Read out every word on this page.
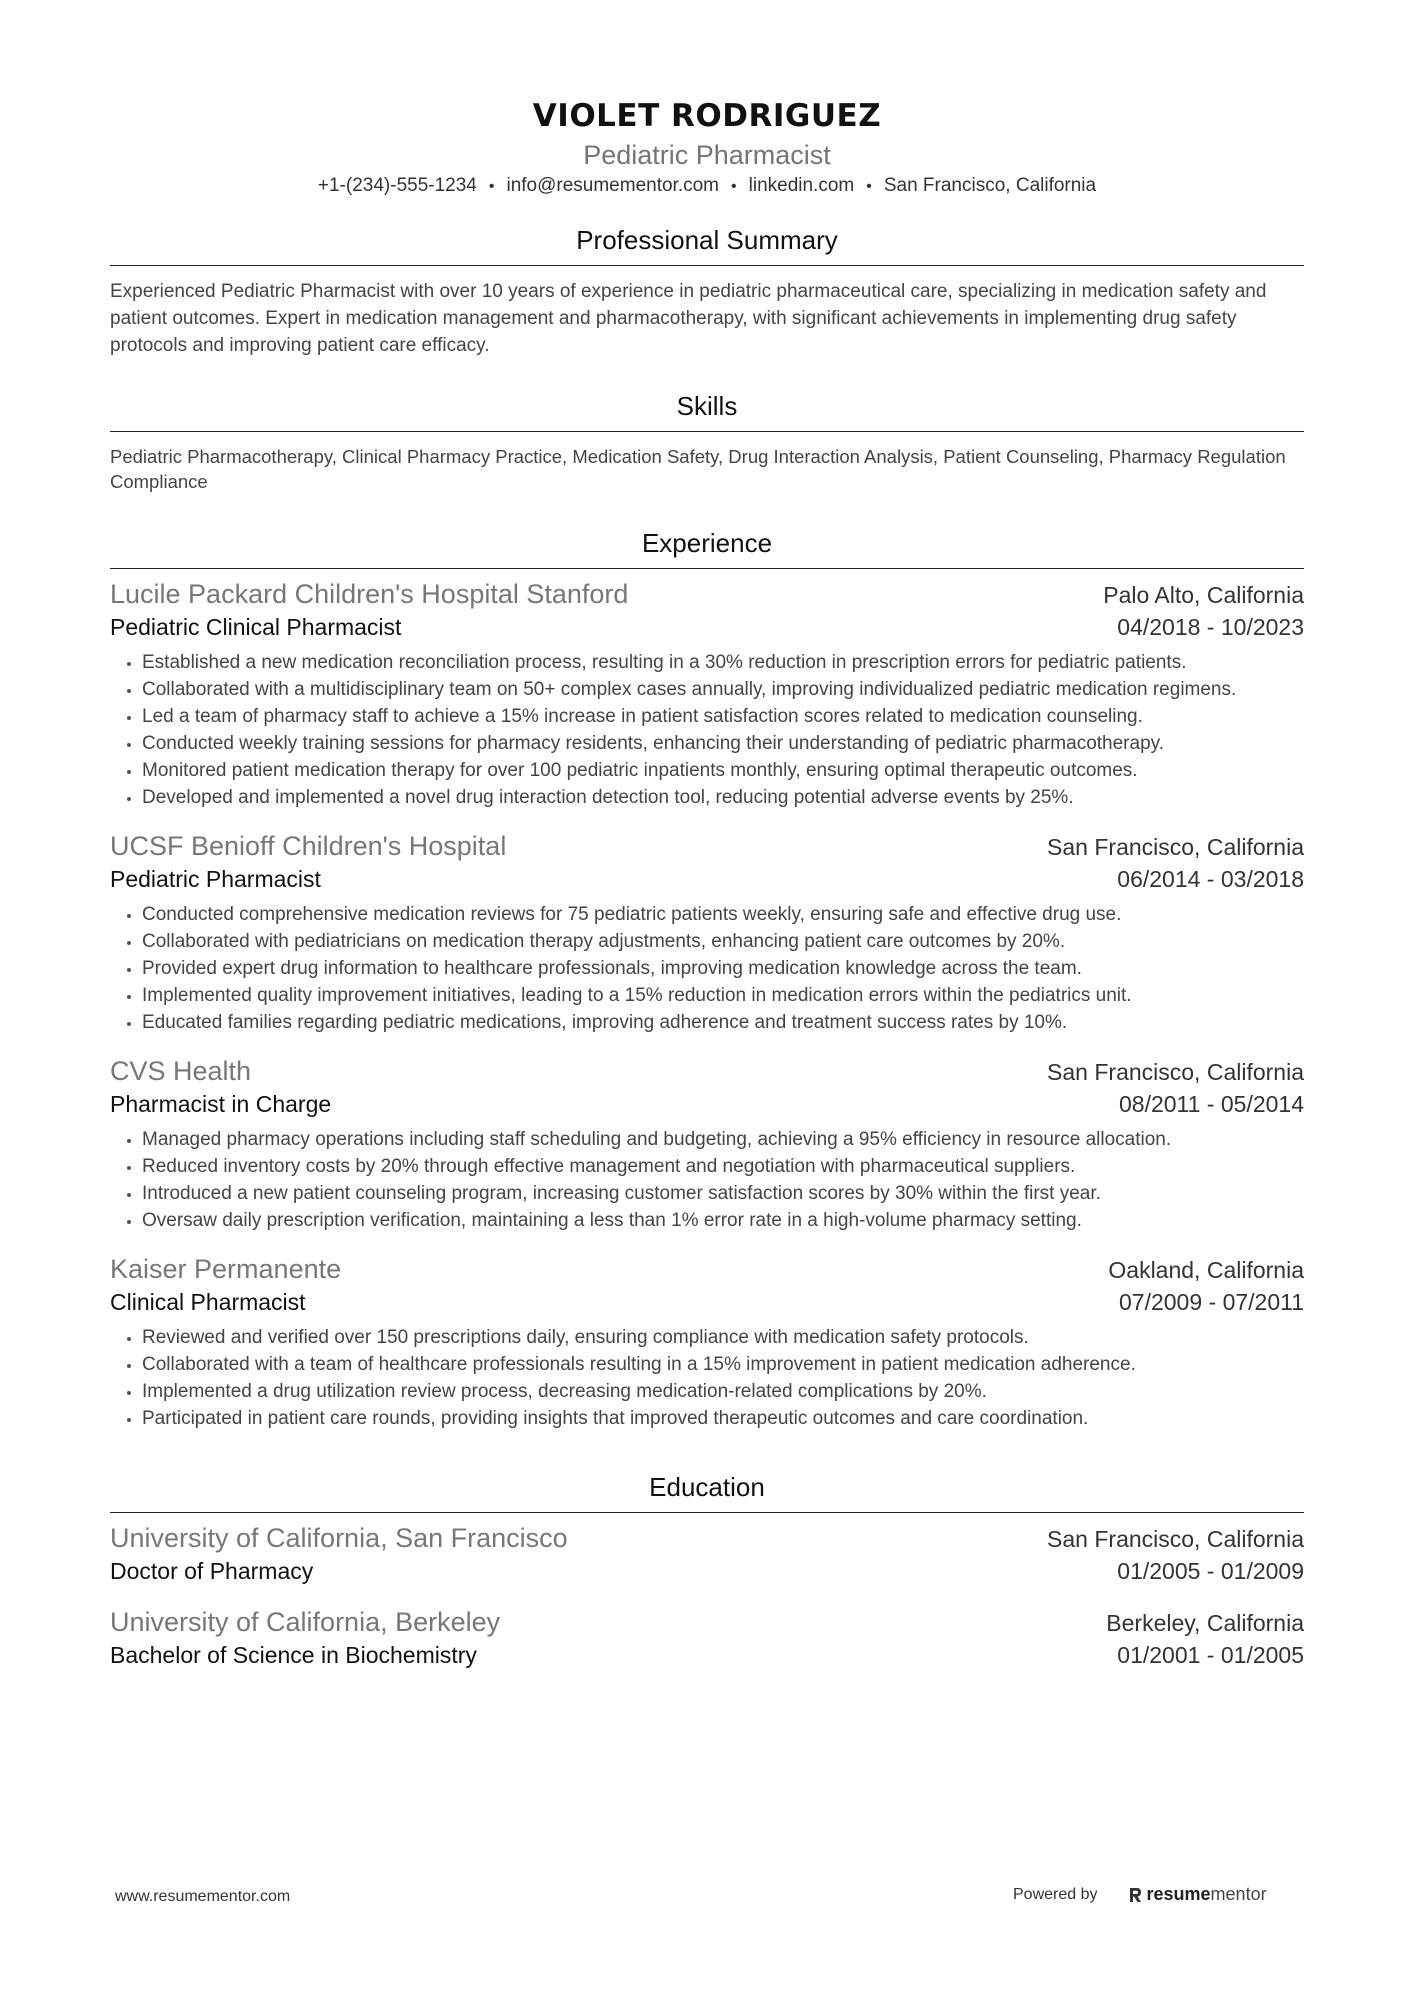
VIOLET RODRIGUEZ
Pediatric Pharmacist
+1-(234)-555-1234 • info@resumementor.com • linkedin.com • San Francisco, California
Professional Summary
Experienced Pediatric Pharmacist with over 10 years of experience in pediatric pharmaceutical care, specializing in medication safety and patient outcomes. Expert in medication management and pharmacotherapy, with significant achievements in implementing drug safety protocols and improving patient care efficacy.
Skills
Pediatric Pharmacotherapy, Clinical Pharmacy Practice, Medication Safety, Drug Interaction Analysis, Patient Counseling, Pharmacy Regulation Compliance
Experience
Lucile Packard Children's Hospital Stanford	Palo Alto, California
Pediatric Clinical Pharmacist	04/2018 - 10/2023
• Established a new medication reconciliation process, resulting in a 30% reduction in prescription errors for pediatric patients.
• Collaborated with a multidisciplinary team on 50+ complex cases annually, improving individualized pediatric medication regimens.
• Led a team of pharmacy staff to achieve a 15% increase in patient satisfaction scores related to medication counseling.
• Conducted weekly training sessions for pharmacy residents, enhancing their understanding of pediatric pharmacotherapy.
• Monitored patient medication therapy for over 100 pediatric inpatients monthly, ensuring optimal therapeutic outcomes.
• Developed and implemented a novel drug interaction detection tool, reducing potential adverse events by 25%.
UCSF Benioff Children's Hospital	San Francisco, California
Pediatric Pharmacist	06/2014 - 03/2018
• Conducted comprehensive medication reviews for 75 pediatric patients weekly, ensuring safe and effective drug use.
• Collaborated with pediatricians on medication therapy adjustments, enhancing patient care outcomes by 20%.
• Provided expert drug information to healthcare professionals, improving medication knowledge across the team.
• Implemented quality improvement initiatives, leading to a 15% reduction in medication errors within the pediatrics unit.
• Educated families regarding pediatric medications, improving adherence and treatment success rates by 10%.
CVS Health	San Francisco, California
Pharmacist in Charge	08/2011 - 05/2014
• Managed pharmacy operations including staff scheduling and budgeting, achieving a 95% efficiency in resource allocation.
• Reduced inventory costs by 20% through effective management and negotiation with pharmaceutical suppliers.
• Introduced a new patient counseling program, increasing customer satisfaction scores by 30% within the first year.
• Oversaw daily prescription verification, maintaining a less than 1% error rate in a high-volume pharmacy setting.
Kaiser Permanente	Oakland, California
Clinical Pharmacist	07/2009 - 07/2011
• Reviewed and verified over 150 prescriptions daily, ensuring compliance with medication safety protocols.
• Collaborated with a team of healthcare professionals resulting in a 15% improvement in patient medication adherence.
• Implemented a drug utilization review process, decreasing medication-related complications by 20%.
• Participated in patient care rounds, providing insights that improved therapeutic outcomes and care coordination.
Education
University of California, San Francisco	San Francisco, California
Doctor of Pharmacy	01/2005 - 01/2009
University of California, Berkeley	Berkeley, California
Bachelor of Science in Biochemistry	01/2001 - 01/2005
www.resumementor.com	Powered by	resume mentor
